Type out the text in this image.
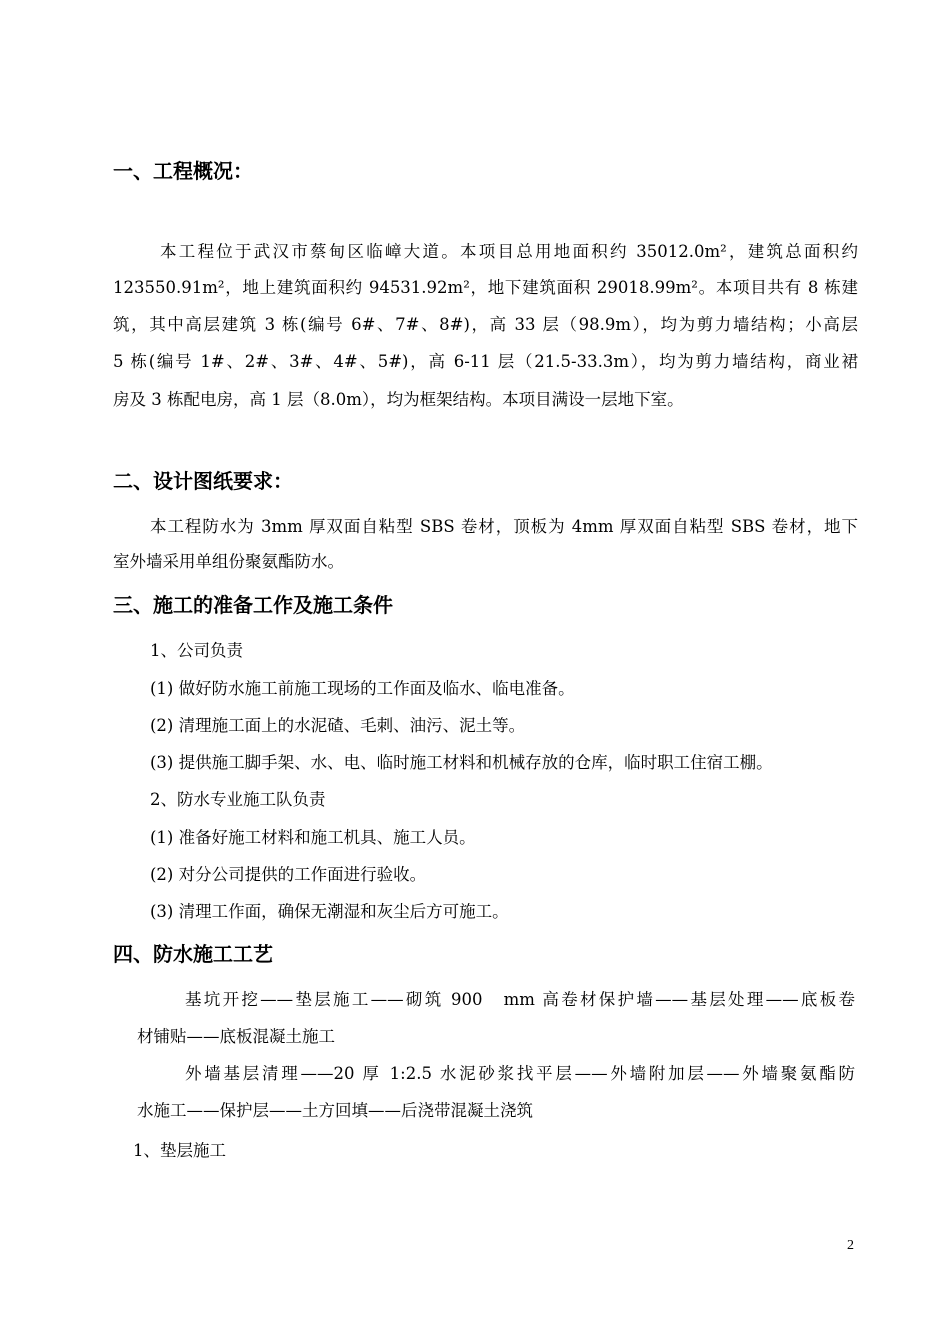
一、工程概况：
本工程位于武汉市蔡甸区临嶂大道。本项目总用地面积约 35012.0m²，建筑总面积约
123550.91m²，地上建筑面积约 94531.92m²，地下建筑面积 29018.99m²。本项目共有 8 栋建
筑，其中高层建筑 3 栋(编号 6#、7#、8#)，高 33 层（98.9m），均为剪力墙结构；小高层
5 栋(编号 1#、2#、3#、4#、5#)，高 6-11 层（21.5-33.3m），均为剪力墙结构，商业裙
房及 3 栋配电房，高 1 层（8.0m），均为框架结构。本项目满设一层地下室。
二、设计图纸要求：
本工程防水为 3mm 厚双面自粘型 SBS 卷材，顶板为 4mm 厚双面自粘型 SBS 卷材，地下
室外墙采用单组份聚氨酯防水。
三、施工的准备工作及施工条件
1、公司负责
(1) 做好防水施工前施工现场的工作面及临水、临电准备。
(2) 清理施工面上的水泥碴、毛刺、油污、泥土等。
(3) 提供施工脚手架、水、电、临时施工材料和机械存放的仓库，临时职工住宿工棚。
2、防水专业施工队负责
(1) 准备好施工材料和施工机具、施工人员。
(2) 对分公司提供的工作面进行验收。
(3) 清理工作面，确保无潮湿和灰尘后方可施工。
四、防水施工工艺
基坑开挖——垫层施工——砌筑 900　mm 高卷材保护墙——基层处理——底板卷
材铺贴——底板混凝土施工
外墙基层清理——20 厚 1:2.5 水泥砂浆找平层——外墙附加层——外墙聚氨酯防
水施工——保护层——土方回填——后浇带混凝土浇筑
1、垫层施工
2
